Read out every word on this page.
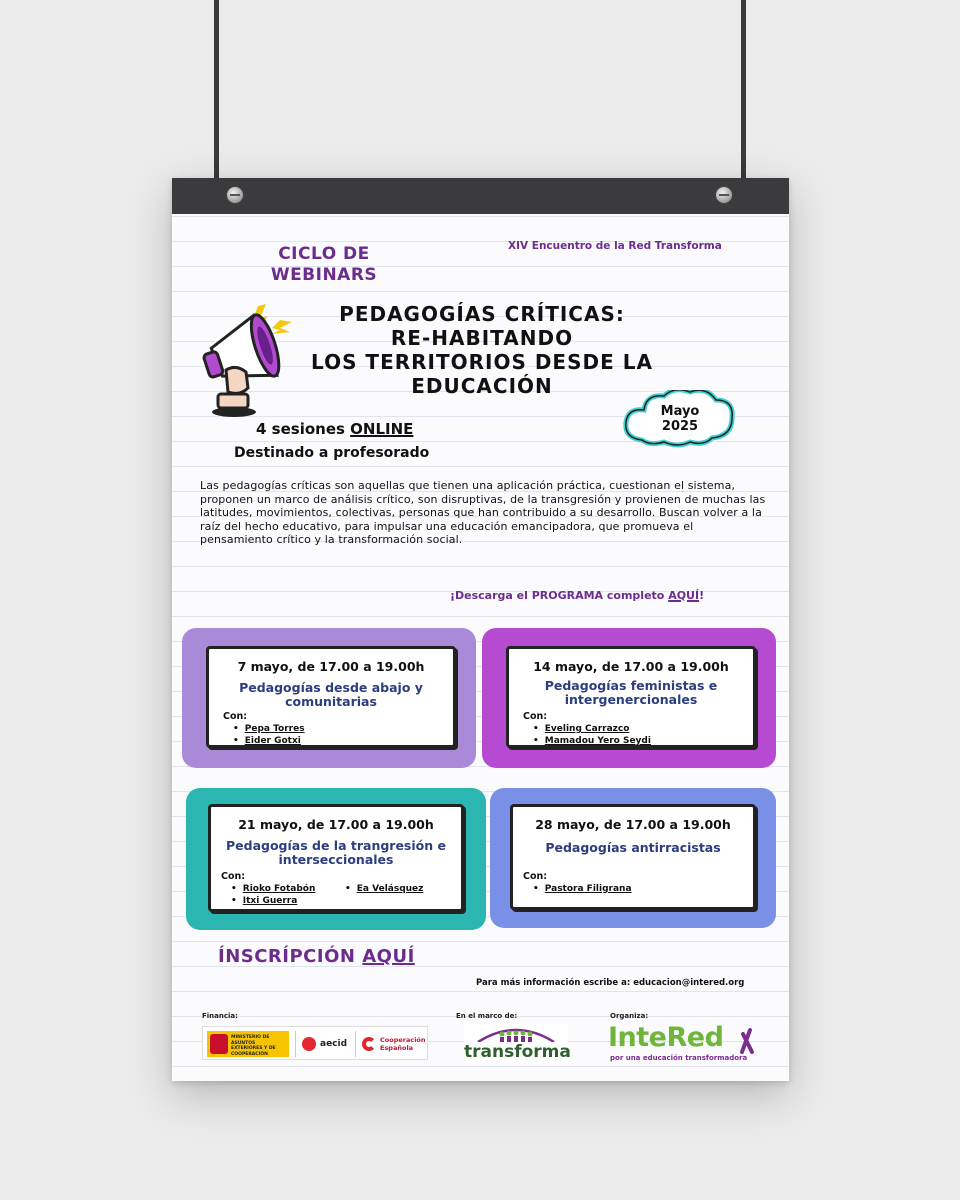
CICLO DE WEBINARS
XIV Encuentro de la Red Transforma
PEDAGOGÍAS CRÍTICAS:
RE-HABITANDO
LOS TERRITORIOS DESDE LA
EDUCACIÓN
Mayo
2025
4 sesiones ONLINE
Destinado a profesorado

Las pedagogías críticas son aquellas que tienen una aplicación práctica, cuestionan el sistema, proponen un marco de análisis crítico, son disruptivas, de la transgresión y provienen de muchas las latitudes, movimientos, colectivas, personas que han contribuido a su desarrollo. Buscan volver a la raíz del hecho educativo, para impulsar una educación emancipadora, que promueva el pensamiento crítico y la transformación social.

¡Descarga el PROGRAMA completo AQUÍ!
7 mayo, de 17.00 a 19.00h
Pedagogías desde abajo y comunitarias
Con:
• Pepa Torres
• Eider Gotxi
14 mayo, de 17.00 a 19.00h
Pedagogías feministas e intergenercionales
Con:
• Eveling Carrazco
• Mamadou Yero Seydi
21 mayo, de 17.00 a 19.00h
Pedagogías de la trangresión e interseccionales
Con:
• Rioko Fotabón
• Itxi Guerra
• Ea Velásquez
28 mayo, de 17.00 a 19.00h
Pedagogías antirracistas
Con:
• Pastora Filigrana
ÍNSCRÍPCIÓN AQUÍ
Para más información escribe a: educacion@intered.org
Financia:	En el marco de:	Organiza:
MINISTERIO DE ASUNTOS EXTERIORES Y DE COOPERACIÓN
aecid	Cooperación Española	transforma InteRed
por una educación transformadora
